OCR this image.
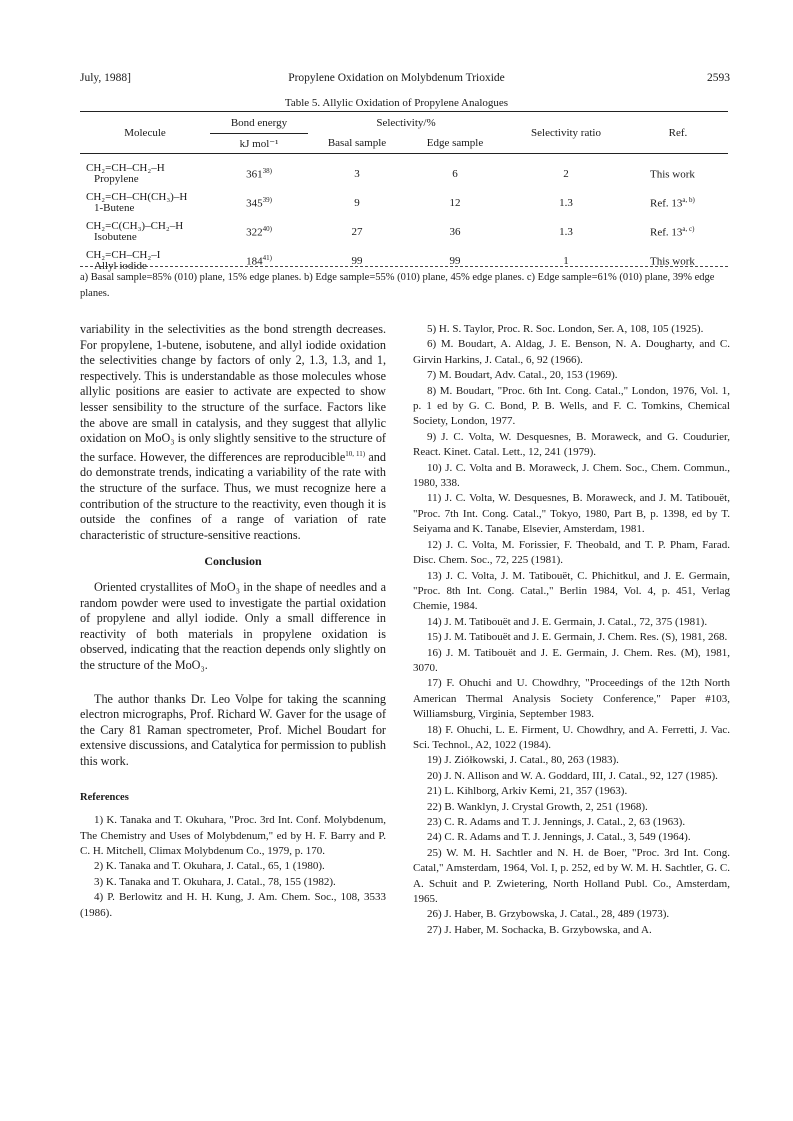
July, 1988]	Propylene Oxidation on Molybdenum Trioxide	2593
Table 5. Allylic Oxidation of Propylene Analogues
Molecule	Bond energy	Selectivity/%		Selectivity ratio	Ref.
	kJ mol⁻¹	Basal sample	Edge sample		

CH₂=CH–CH₂–H
Propylene	361$^{38)}$	3	6	2	This work
CH₂=CH–CH(CH₃)–H
1-Butene	345$^{39)}$	9	12	1.3	Ref. 13$^{a, b)}$
CH₂=C(CH₃)–CH₂–H
Isobutene	322$^{40)}$	27	36	1.3	Ref. 13$^{a, c)}$
CH₂=CH–CH₂–I
Allyl iodide	184$^{41)}$	99	99	1	This work
a) Basal sample=85% (010) plane, 15% edge planes. b) Edge sample=55% (010) plane, 45% edge planes. c) Edge sample=61% (010) plane, 39% edge planes.

variability in the selectivities as the bond strength decreases. For propylene, 1-butene, isobutene, and allyl iodide oxidation the selectivities change by factors of only 2, 1.3, 1.3, and 1, respectively. This is understandable as those molecules whose allylic positions are easier to activate are expected to show lesser sensibility to the structure of the surface. Factors like the above are small in catalysis, and they suggest that allylic oxidation on MoO₃ is only slightly sensitive to the structure of the surface. However, the differences are reproducible$^{10, 11)}$ and do demonstrate trends, indicating a variability of the rate with the structure of the surface. Thus, we must recognize here a contribution of the structure to the reactivity, even though it is outside the confines of a range of variation of rate characteristic of structure-sensitive reactions.

Conclusion

Oriented crystallites of MoO₃ in the shape of needles and a random powder were used to investigate the partial oxidation of propylene and allyl iodide. Only a small difference in reactivity of both materials in propylene oxidation is observed, indicating that the reaction depends only slightly on the structure of the MoO₃.

The author thanks Dr. Leo Volpe for taking the scanning electron micrographs, Prof. Richard W. Gaver for the usage of the Cary 81 Raman spectrometer, Prof. Michel Boudart for extensive discussions, and Catalytica for permission to publish this work.

References

1) K. Tanaka and T. Okuhara, "Proc. 3rd Int. Conf. Molybdenum, The Chemistry and Uses of Molybdenum," ed by H. F. Barry and P. C. H. Mitchell, Climax Molybdenum Co., 1979, p. 170.

2) K. Tanaka and T. Okuhara, J. Catal., 65, 1 (1980).

3) K. Tanaka and T. Okuhara, J. Catal., 78, 155 (1982).

4) P. Berlowitz and H. H. Kung, J. Am. Chem. Soc., 108, 3533 (1986).

5) H. S. Taylor, Proc. R. Soc. London, Ser. A, 108, 105 (1925).

6) M. Boudart, A. Aldag, J. E. Benson, N. A. Dougharty, and C. Girvin Harkins, J. Catal., 6, 92 (1966).

7) M. Boudart, Adv. Catal., 20, 153 (1969).

8) M. Boudart, "Proc. 6th Int. Cong. Catal.," London, 1976, Vol. 1, p. 1 ed by G. C. Bond, P. B. Wells, and F. C. Tomkins, Chemical Society, London, 1977.

9) J. C. Volta, W. Desquesnes, B. Moraweck, and G. Coudurier, React. Kinet. Catal. Lett., 12, 241 (1979).

10) J. C. Volta and B. Moraweck, J. Chem. Soc., Chem. Commun., 1980, 338.

11) J. C. Volta, W. Desquesnes, B. Moraweck, and J. M. Tatibouët, "Proc. 7th Int. Cong. Catal.," Tokyo, 1980, Part B, p. 1398, ed by T. Seiyama and K. Tanabe, Elsevier, Amsterdam, 1981.

12) J. C. Volta, M. Forissier, F. Theobald, and T. P. Pham, Farad. Disc. Chem. Soc., 72, 225 (1981).

13) J. C. Volta, J. M. Tatibouët, C. Phichitkul, and J. E. Germain, "Proc. 8th Int. Cong. Catal.," Berlin 1984, Vol. 4, p. 451, Verlag Chemie, 1984.

14) J. M. Tatibouët and J. E. Germain, J. Catal., 72, 375 (1981).

15) J. M. Tatibouët and J. E. Germain, J. Chem. Res. (S), 1981, 268.

16) J. M. Tatibouët and J. E. Germain, J. Chem. Res. (M), 1981, 3070.

17) F. Ohuchi and U. Chowdhry, "Proceedings of the 12th North American Thermal Analysis Society Conference," Paper #103, Williamsburg, Virginia, September 1983.

18) F. Ohuchi, L. E. Firment, U. Chowdhry, and A. Ferretti, J. Vac. Sci. Technol., A2, 1022 (1984).

19) J. Ziółkowski, J. Catal., 80, 263 (1983).

20) J. N. Allison and W. A. Goddard, III, J. Catal., 92, 127 (1985).

21) L. Kihlborg, Arkiv Kemi, 21, 357 (1963).

22) B. Wanklyn, J. Crystal Growth, 2, 251 (1968).

23) C. R. Adams and T. J. Jennings, J. Catal., 2, 63 (1963).

24) C. R. Adams and T. J. Jennings, J. Catal., 3, 549 (1964).

25) W. M. H. Sachtler and N. H. de Boer, "Proc. 3rd Int. Cong. Catal," Amsterdam, 1964, Vol. I, p. 252, ed by W. M. H. Sachtler, G. C. A. Schuit and P. Zwietering, North Holland Publ. Co., Amsterdam, 1965.

26) J. Haber, B. Grzybowska, J. Catal., 28, 489 (1973).

27) J. Haber, M. Sochacka, B. Grzybowska, and A.
